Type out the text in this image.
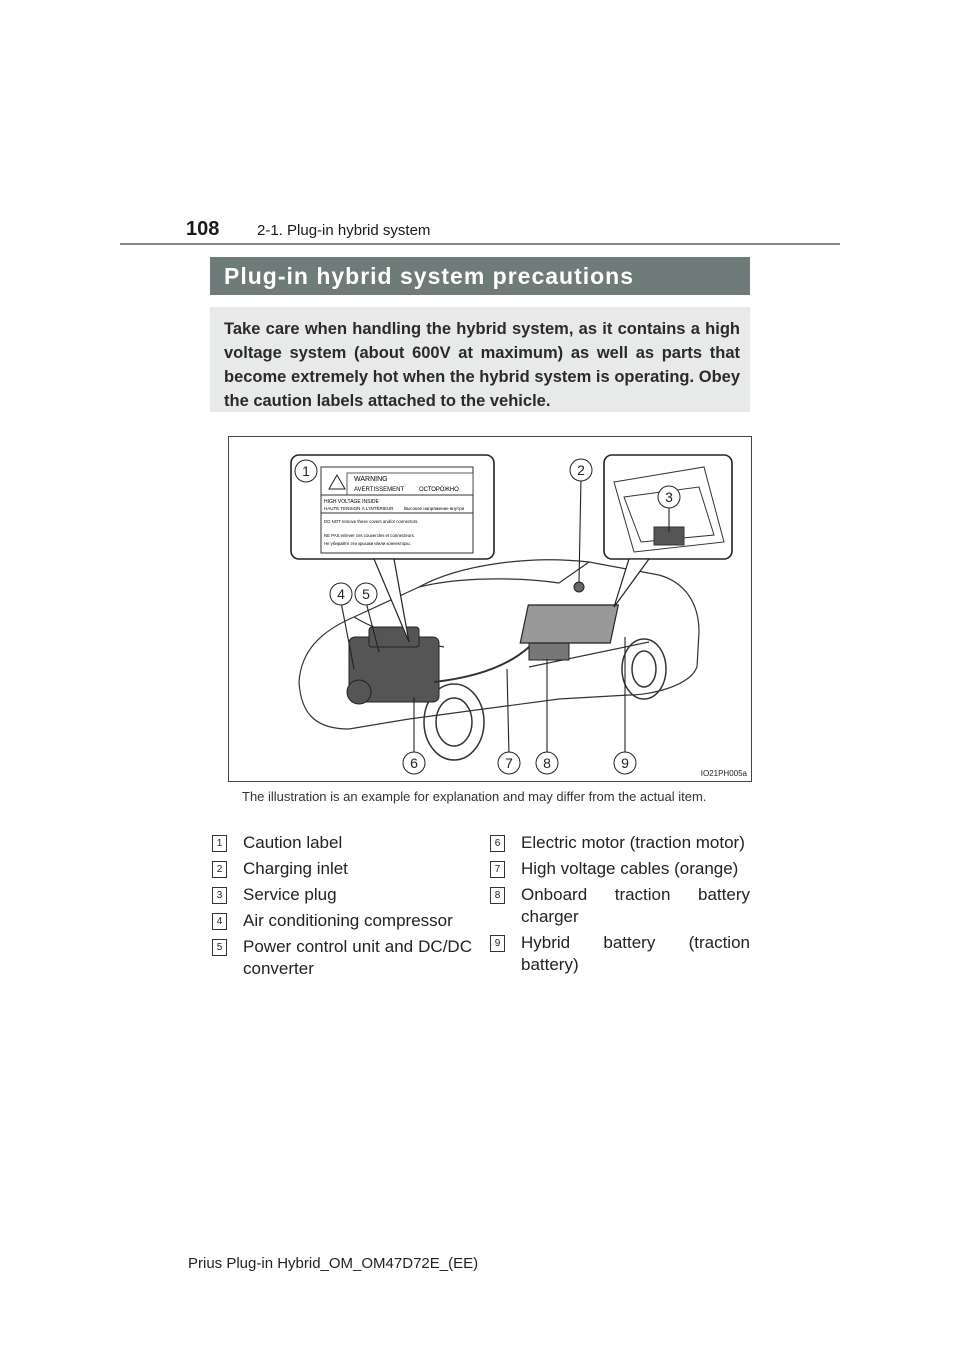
108	2-1. Plug-in hybrid system
Plug-in hybrid system precautions
Take care when handling the hybrid system, as it contains a high voltage system (about 600V at maximum) as well as parts that become extremely hot when the hybrid system is operating. Obey the caution labels attached to the vehicle.
WARNING
AVERTISSEMENT ОСТОРОЖНО
HIGH VOLTAGE INSIDE
HAUTE TENSION À L'INTÉRIEUR Высокое напряжение внутри
DO NOT remove these covers and/or connectors.
NE PAS enlever ces couvercles et connecteurs.
Не убирайте эти крышки и/или коннекторы.
1	2
3
4 5
6	7 8	9
IO21PH005a
The illustration is an example for explanation and may differ from the actual item.
1 Caution label
2 Charging inlet
3 Service plug
4 Air conditioning compressor
5 Power control unit and DC/DC converter
6 Electric motor (traction motor)
7 High voltage cables (orange)
8 Onboard traction battery charger
9 Hybrid battery (traction battery)
Prius Plug-in Hybrid_OM_OM47D72E_(EE)
